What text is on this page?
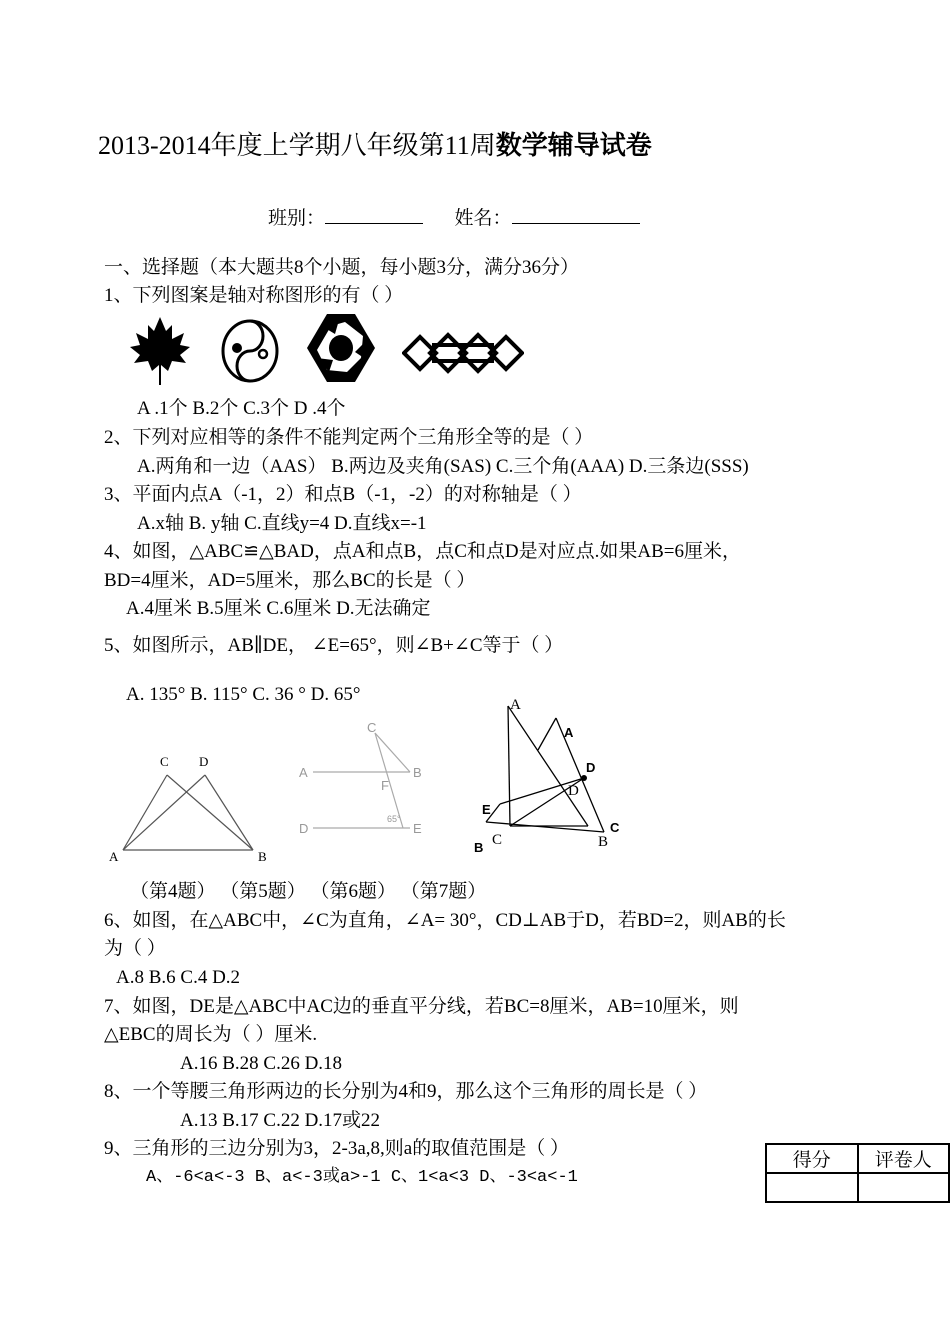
2013-2014年度上学期八年级第11周数学辅导试卷
班别：	姓名：
一、选择题（本大题共8个小题，每小题3分，满分36分）
1、下列图案是轴对称图形的有（ ）
A .1个 B.2个 C.3个 D .4个
2、下列对应相等的条件不能判定两个三角形全等的是（ ）
A.两角和一边（AAS） B.两边及夹角(SAS) C.三个角(AAA) D.三条边(SSS)
3、平面内点A（-1，2）和点B（-1，-2）的对称轴是（ ）
A.x轴 B. y轴 C.直线y=4 D.直线x=-1
4、如图，△ABC≌△BAD，点A和点B，点C和点D是对应点.如果AB=6厘米，
BD=4厘米，AD=5厘米，那么BC的长是（ ）
A.4厘米 B.5厘米 C.6厘米 D.无法确定
5、如图所示，AB∥DE， ∠E=65°，则∠B+∠C等于（ ）
A. 135° B. 115° C. 36 ° D. 65°
A	B
C D
A	B
C
D	E
F
65°
A
D
C	B
A
D
E
C
B
（第4题） （第5题） （第6题） （第7题）
6、如图，在△ABC中，∠C为直角，∠A= 30°，CD⊥AB于D，若BD=2，则AB的长
为（ ）
A.8 B.6 C.4 D.2
7、如图，DE是△ABC中AC边的垂直平分线，若BC=8厘米，AB=10厘米，则
△EBC的周长为（ ）厘米.
A.16 B.28 C.26 D.18
8、一个等腰三角形两边的长分别为4和9，那么这个三角形的周长是（ ）
A.13 B.17 C.22 D.17或22
9、三角形的三边分别为3，2-3a,8,则a的取值范围是（ ）
A、-6<a<-3 B、a<-3或a>-1 C、1<a<3 D、-3<a<-1
得分	评卷人
